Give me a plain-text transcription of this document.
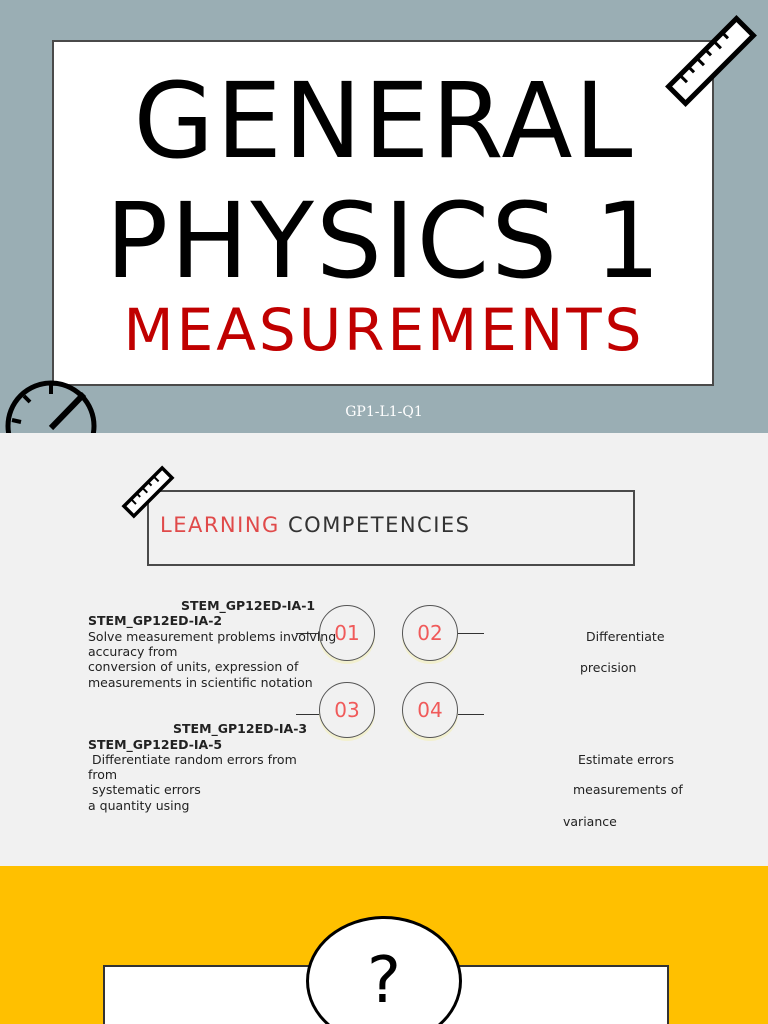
GENERAL
PHYSICS 1
MEASUREMENTS
GP1-L1-Q1
LEARNING COMPETENCIES
01	02
03	04
STEM_GP12ED-IA-1
STEM_GP12ED-IA-2
Solve measurement problems involving
accuracy from
conversion of units, expression of
measurements in scientific notation
Differentiate
precision
STEM_GP12ED-IA-3
STEM_GP12ED-IA-5
Differentiate random errors from
from
systematic errors
a quantity using
Estimate errors
measurements of
variance
?
